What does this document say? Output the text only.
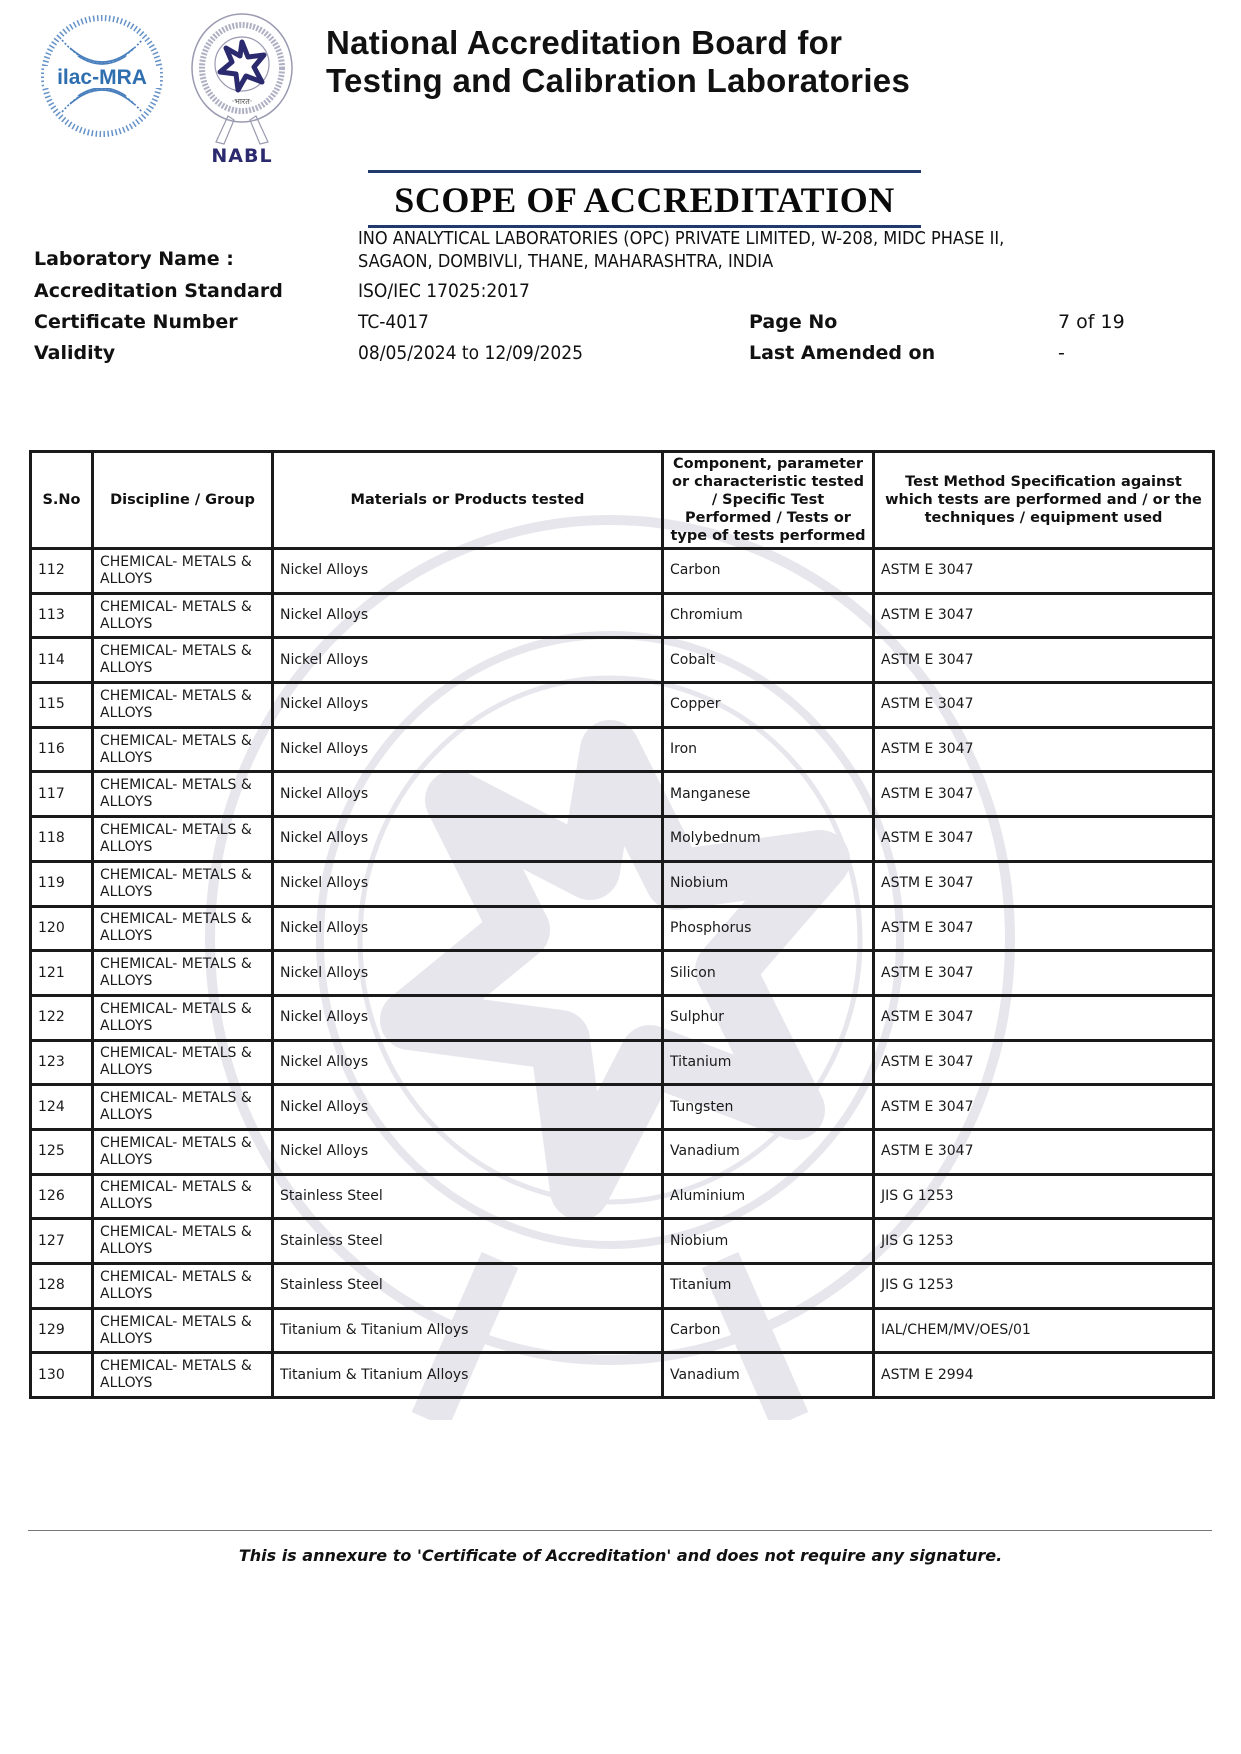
ilac-MRA
·भारत·
NABL
National Accreditation Board for
Testing and Calibration Laboratories
SCOPE OF ACCREDITATION
Laboratory Name :
INO ANALYTICAL LABORATORIES (OPC) PRIVATE LIMITED, W-208, MIDC PHASE II,
SAGAON, DOMBIVLI, THANE, MAHARASHTRA, INDIA
Accreditation Standard	ISO/IEC 17025:2017
Certificate Number	TC-4017	Page No	7 of 19
Validity	08/05/2024 to 12/09/2025	Last Amended on	-
S.No	Discipline / Group	Materials or Products tested	Component, parameter or characteristic tested / Specific Test Performed / Tests or type of tests performed	Test Method Specification against which tests are performed and / or the techniques / equipment used
112	CHEMICAL- METALS & ALLOYS	Nickel Alloys	Carbon	ASTM E 3047
113	CHEMICAL- METALS & ALLOYS	Nickel Alloys	Chromium	ASTM E 3047
114	CHEMICAL- METALS & ALLOYS	Nickel Alloys	Cobalt	ASTM E 3047
115	CHEMICAL- METALS & ALLOYS	Nickel Alloys	Copper	ASTM E 3047
116	CHEMICAL- METALS & ALLOYS	Nickel Alloys	Iron	ASTM E 3047
117	CHEMICAL- METALS & ALLOYS	Nickel Alloys	Manganese	ASTM E 3047
118	CHEMICAL- METALS & ALLOYS	Nickel Alloys	Molybednum	ASTM E 3047
119	CHEMICAL- METALS & ALLOYS	Nickel Alloys	Niobium	ASTM E 3047
120	CHEMICAL- METALS & ALLOYS	Nickel Alloys	Phosphorus	ASTM E 3047
121	CHEMICAL- METALS & ALLOYS	Nickel Alloys	Silicon	ASTM E 3047
122	CHEMICAL- METALS & ALLOYS	Nickel Alloys	Sulphur	ASTM E 3047
123	CHEMICAL- METALS & ALLOYS	Nickel Alloys	Titanium	ASTM E 3047
124	CHEMICAL- METALS & ALLOYS	Nickel Alloys	Tungsten	ASTM E 3047
125	CHEMICAL- METALS & ALLOYS	Nickel Alloys	Vanadium	ASTM E 3047
126	CHEMICAL- METALS & ALLOYS	Stainless Steel	Aluminium	JIS G 1253
127	CHEMICAL- METALS & ALLOYS	Stainless Steel	Niobium	JIS G 1253
128	CHEMICAL- METALS & ALLOYS	Stainless Steel	Titanium	JIS G 1253
129	CHEMICAL- METALS & ALLOYS	Titanium & Titanium Alloys	Carbon	IAL/CHEM/MV/OES/01
130	CHEMICAL- METALS & ALLOYS	Titanium & Titanium Alloys	Vanadium	ASTM E 2994
This is annexure to 'Certificate of Accreditation' and does not require any signature.
